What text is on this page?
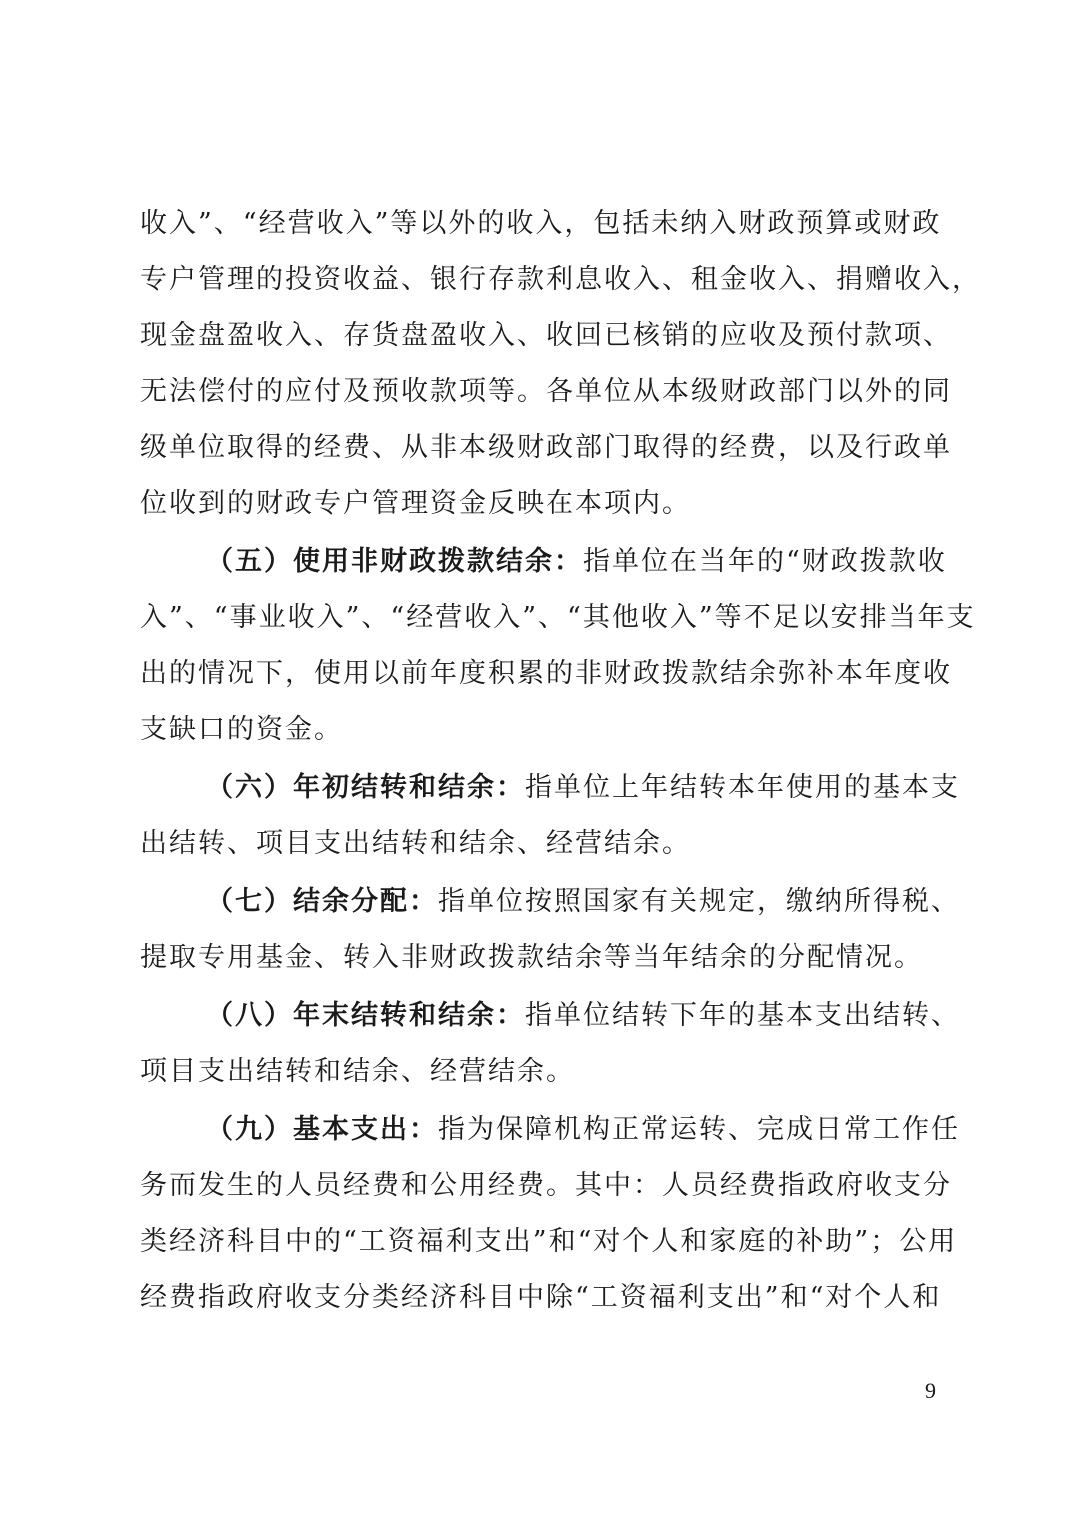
收入”、“经营收入”等以外的收入，包括未纳入财政预算或财政
专户管理的投资收益、银行存款利息收入、租金收入、捐赠收入，
现金盘盈收入、存货盘盈收入、收回已核销的应收及预付款项、
无法偿付的应付及预收款项等。各单位从本级财政部门以外的同
级单位取得的经费、从非本级财政部门取得的经费，以及行政单
位收到的财政专户管理资金反映在本项内。
（五）使用非财政拨款结余：指单位在当年的“财政拨款收
入”、“事业收入”、“经营收入”、“其他收入”等不足以安排当年支
出的情况下，使用以前年度积累的非财政拨款结余弥补本年度收
支缺口的资金。
（六）年初结转和结余：指单位上年结转本年使用的基本支
出结转、项目支出结转和结余、经营结余。
（七）结余分配：指单位按照国家有关规定，缴纳所得税、
提取专用基金、转入非财政拨款结余等当年结余的分配情况。
（八）年末结转和结余：指单位结转下年的基本支出结转、
项目支出结转和结余、经营结余。
（九）基本支出：指为保障机构正常运转、完成日常工作任
务而发生的人员经费和公用经费。其中：人员经费指政府收支分
类经济科目中的“工资福利支出”和“对个人和家庭的补助”；公用
经费指政府收支分类经济科目中除“工资福利支出”和“对个人和
9
